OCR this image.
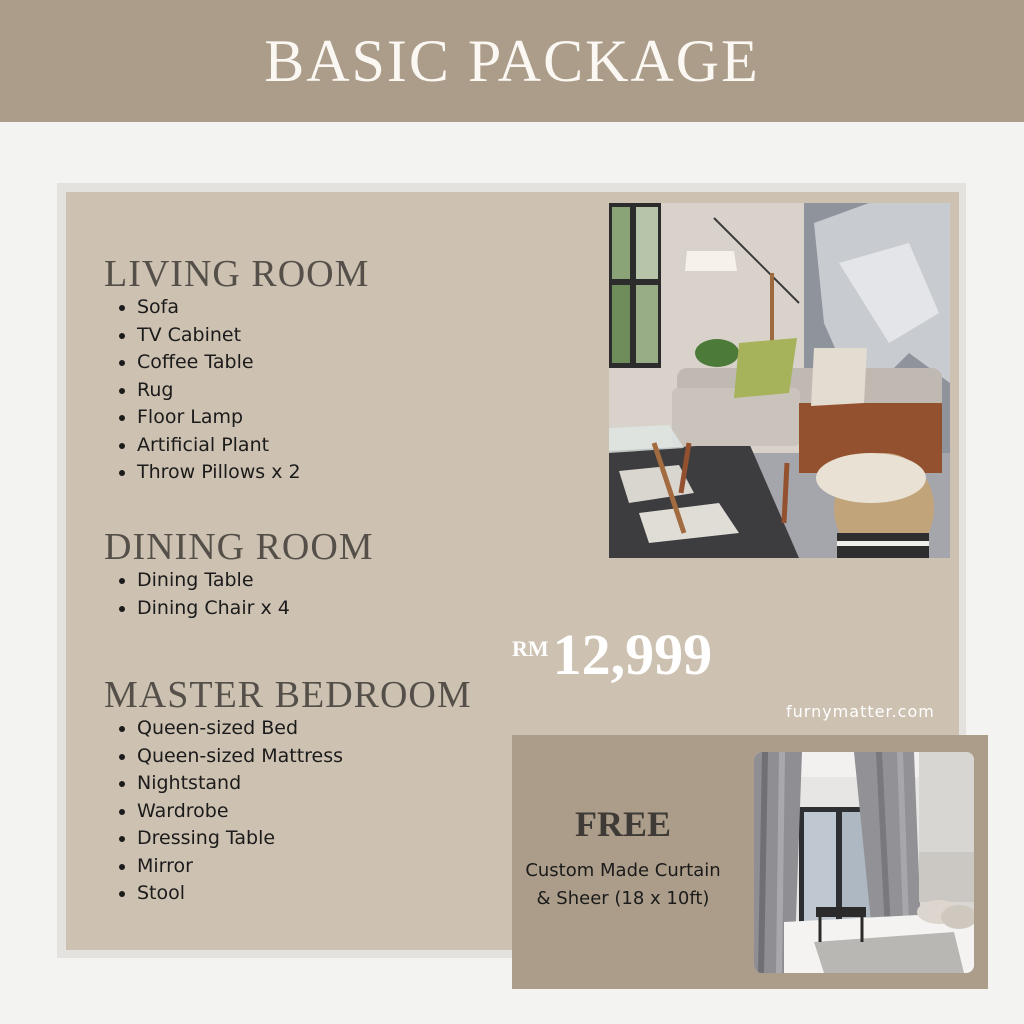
BASIC PACKAGE
LIVING ROOM
• Sofa
• TV Cabinet
• Coffee Table
• Rug
• Floor Lamp
• Artificial Plant
• Throw Pillows x 2
DINING ROOM
• Dining Table
• Dining Chair x 4
MASTER BEDROOM
• Queen-sized Bed
• Queen-sized Mattress
• Nightstand
• Wardrobe
• Dressing Table
• Mirror
• Stool
RM 12,999
furnymatter.com
FREE
Custom Made Curtain
& Sheer (18 x 10ft)
